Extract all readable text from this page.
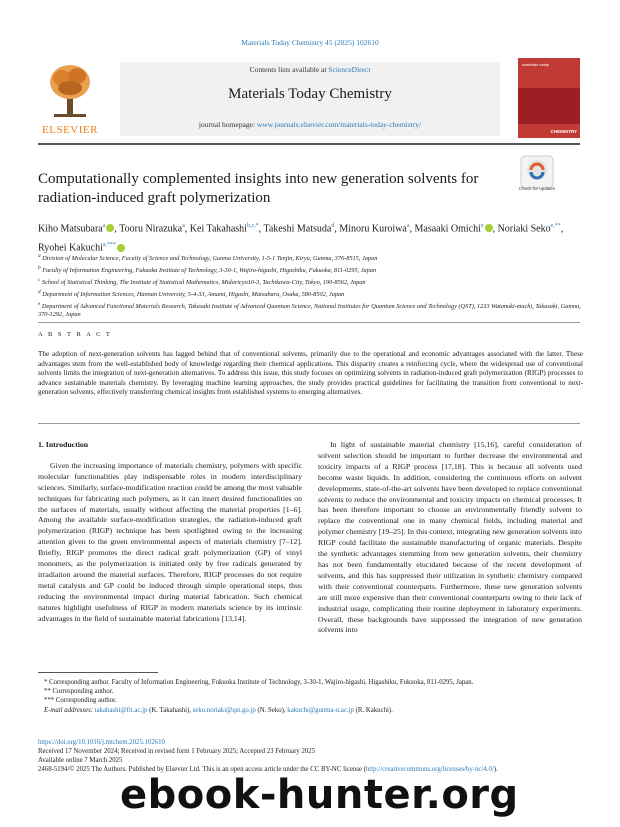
Materials Today Chemistry 45 (2025) 102610
ELSEVIER
Contents lists available at ScienceDirect
Materials Today Chemistry
journal homepage: www.journals.elsevier.com/materials-today-chemistry/
materials today
CHEMISTRY
Computationally complemented insights into new generation solvents for radiation-induced graft polymerization
Check for updates
Kiho Matsubara$^a$ , Tooru Nirazuka$^a$, Kei Takahashi$^{b,c,*}$, Takeshi Matsuda$^d$, Minoru Kuroiwa$^a$, Masaaki Omichi$^e$ , Noriaki Seko$^{e,**}$, Ryohei Kakuchi$^{a,***}$

$^a$ Division of Molecular Science, Faculty of Science and Technology, Gunma University, 1-5-1 Tenjin, Kiryu, Gunma, 376-8515, Japan

$^b$ Faculty of Information Engineering, Fukuoka Institute of Technology, 3-30-1, Wajiro-higashi, Higashiku, Fukuoka, 811-0295, Japan

$^c$ School of Statistical Thinking, The Institute of Statistical Mathematics, Midoricyo10-3, Tachikawa-City, Tokyo, 190-8562, Japan

$^d$ Department of Information Sciences, Hannan University, 5-4-33, Amami, Higashi, Matsubara, Osaka, 580-8502, Japan

$^e$ Department of Advanced Functional Materials Research, Takasaki Institute of Advanced Quantum Science, National Institutes for Quantum Science and Technology (QST), 1233 Watanuki-machi, Takasaki, Gunma, 370-1292, Japan

A B S T R A C T

The adoption of next-generation solvents has lagged behind that of conventional solvents, primarily due to the operational and economic advantages associated with the latter. These advantages stem from the well-established body of knowledge regarding their chemical applications. This disparity creates a reinforcing cycle, where the widespread use of conventional solvents limits the integration of next-generation alternatives. To address this issue, this study focuses on optimizing solvents in radiation-induced graft polymerization (RIGP) processes to advance sustainable materials chemistry. By leveraging machine learning approaches, the study provides practical guidelines for facilitating the transition from conventional to next-generation solvents, effectively transferring chemical insights from established systems to emerging alternatives.

1. Introduction

Given the increasing importance of materials chemistry, polymers with specific molecular functionalities play indispensable roles in modern interdisciplinary sciences. Similarly, surface-modification reaction could be among the most valuable techniques for fabricating such polymers, as it can insert desired functionalities on the surfaces of materials, usually without affecting the material properties [1–6]. Among the available surface-modification strategies, the radiation-induced graft polymerization (RIGP) technique has been spotlighted owing to the increasing attention given to the green environmental aspects of materials chemistry [7–12]. Briefly, RIGP promotes the direct radical graft polymerization (GP) of vinyl monomers, as the polymerization is initiated only by free radicals generated by irradiation around the material surfaces. Therefore, RIGP processes do not require metal catalysts and GP could be induced through simple operational steps, thus reducing the environmental impact during material fabrication. Such chemical natures highlight usefulness of RIGP in modern materials science by its intrinsic advantages in the field of sustainable material fabrications [13,14].

In light of sustainable material chemistry [15,16], careful consideration of solvent selection should be important to further decrease the environmental and toxicity impacts of a RIGP process [17,18]. This is because all solvents used become waste liquids. In addition, considering the continuous efforts on solvent developments, state-of-the-art solvents have been developed to replace conventional solvents to reduce the environmental and toxicity impacts on chemical processes. It has been therefore important to choose an environmentally friendly solvent to replace the conventional one in many chemical fields, including material and polymer chemistry [19–25]. In this context, integrating new generation solvents into RIGP could facilitate the sustainable manufacturing of organic materials. Despite the synthetic advantages stemming from new generation solvents, their chemistry has not been fundamentally elucidated because of the recent development of solvents, and this has suppressed their utilization in synthetic chemistry compared with their conventional counterparts. Furthermore, these new generation solvents are still more expensive than their conventional counterparts owing to their lack of industrial usage, complicating their routine deployment in laboratory experiments. Overall, these backgrounds have suppressed the integration of new generation solvents into

* Corresponding author. Faculty of Information Engineering, Fukuoka Institute of Technology, 3-30-1, Wajiro-higashi, Higashiku, Fukuoka, 811-0295, Japan.

** Corresponding author.

*** Corresponding author.

E-mail addresses: takahashi@fit.ac.jp (K. Takahashi), seko.noriaki@qst.go.jp (N. Seko), kakuchi@gunma-u.ac.jp (R. Kakuchi).

https://doi.org/10.1016/j.mtchem.2025.102610

Received 17 November 2024; Received in revised form 1 February 2025; Accepted 23 February 2025

Available online 7 March 2025

2468-5194/© 2025 The Authors. Published by Elsevier Ltd. This is an open access article under the CC BY-NC license (http://creativecommons.org/licenses/by-nc/4.0/).

ebook-hunter.org
